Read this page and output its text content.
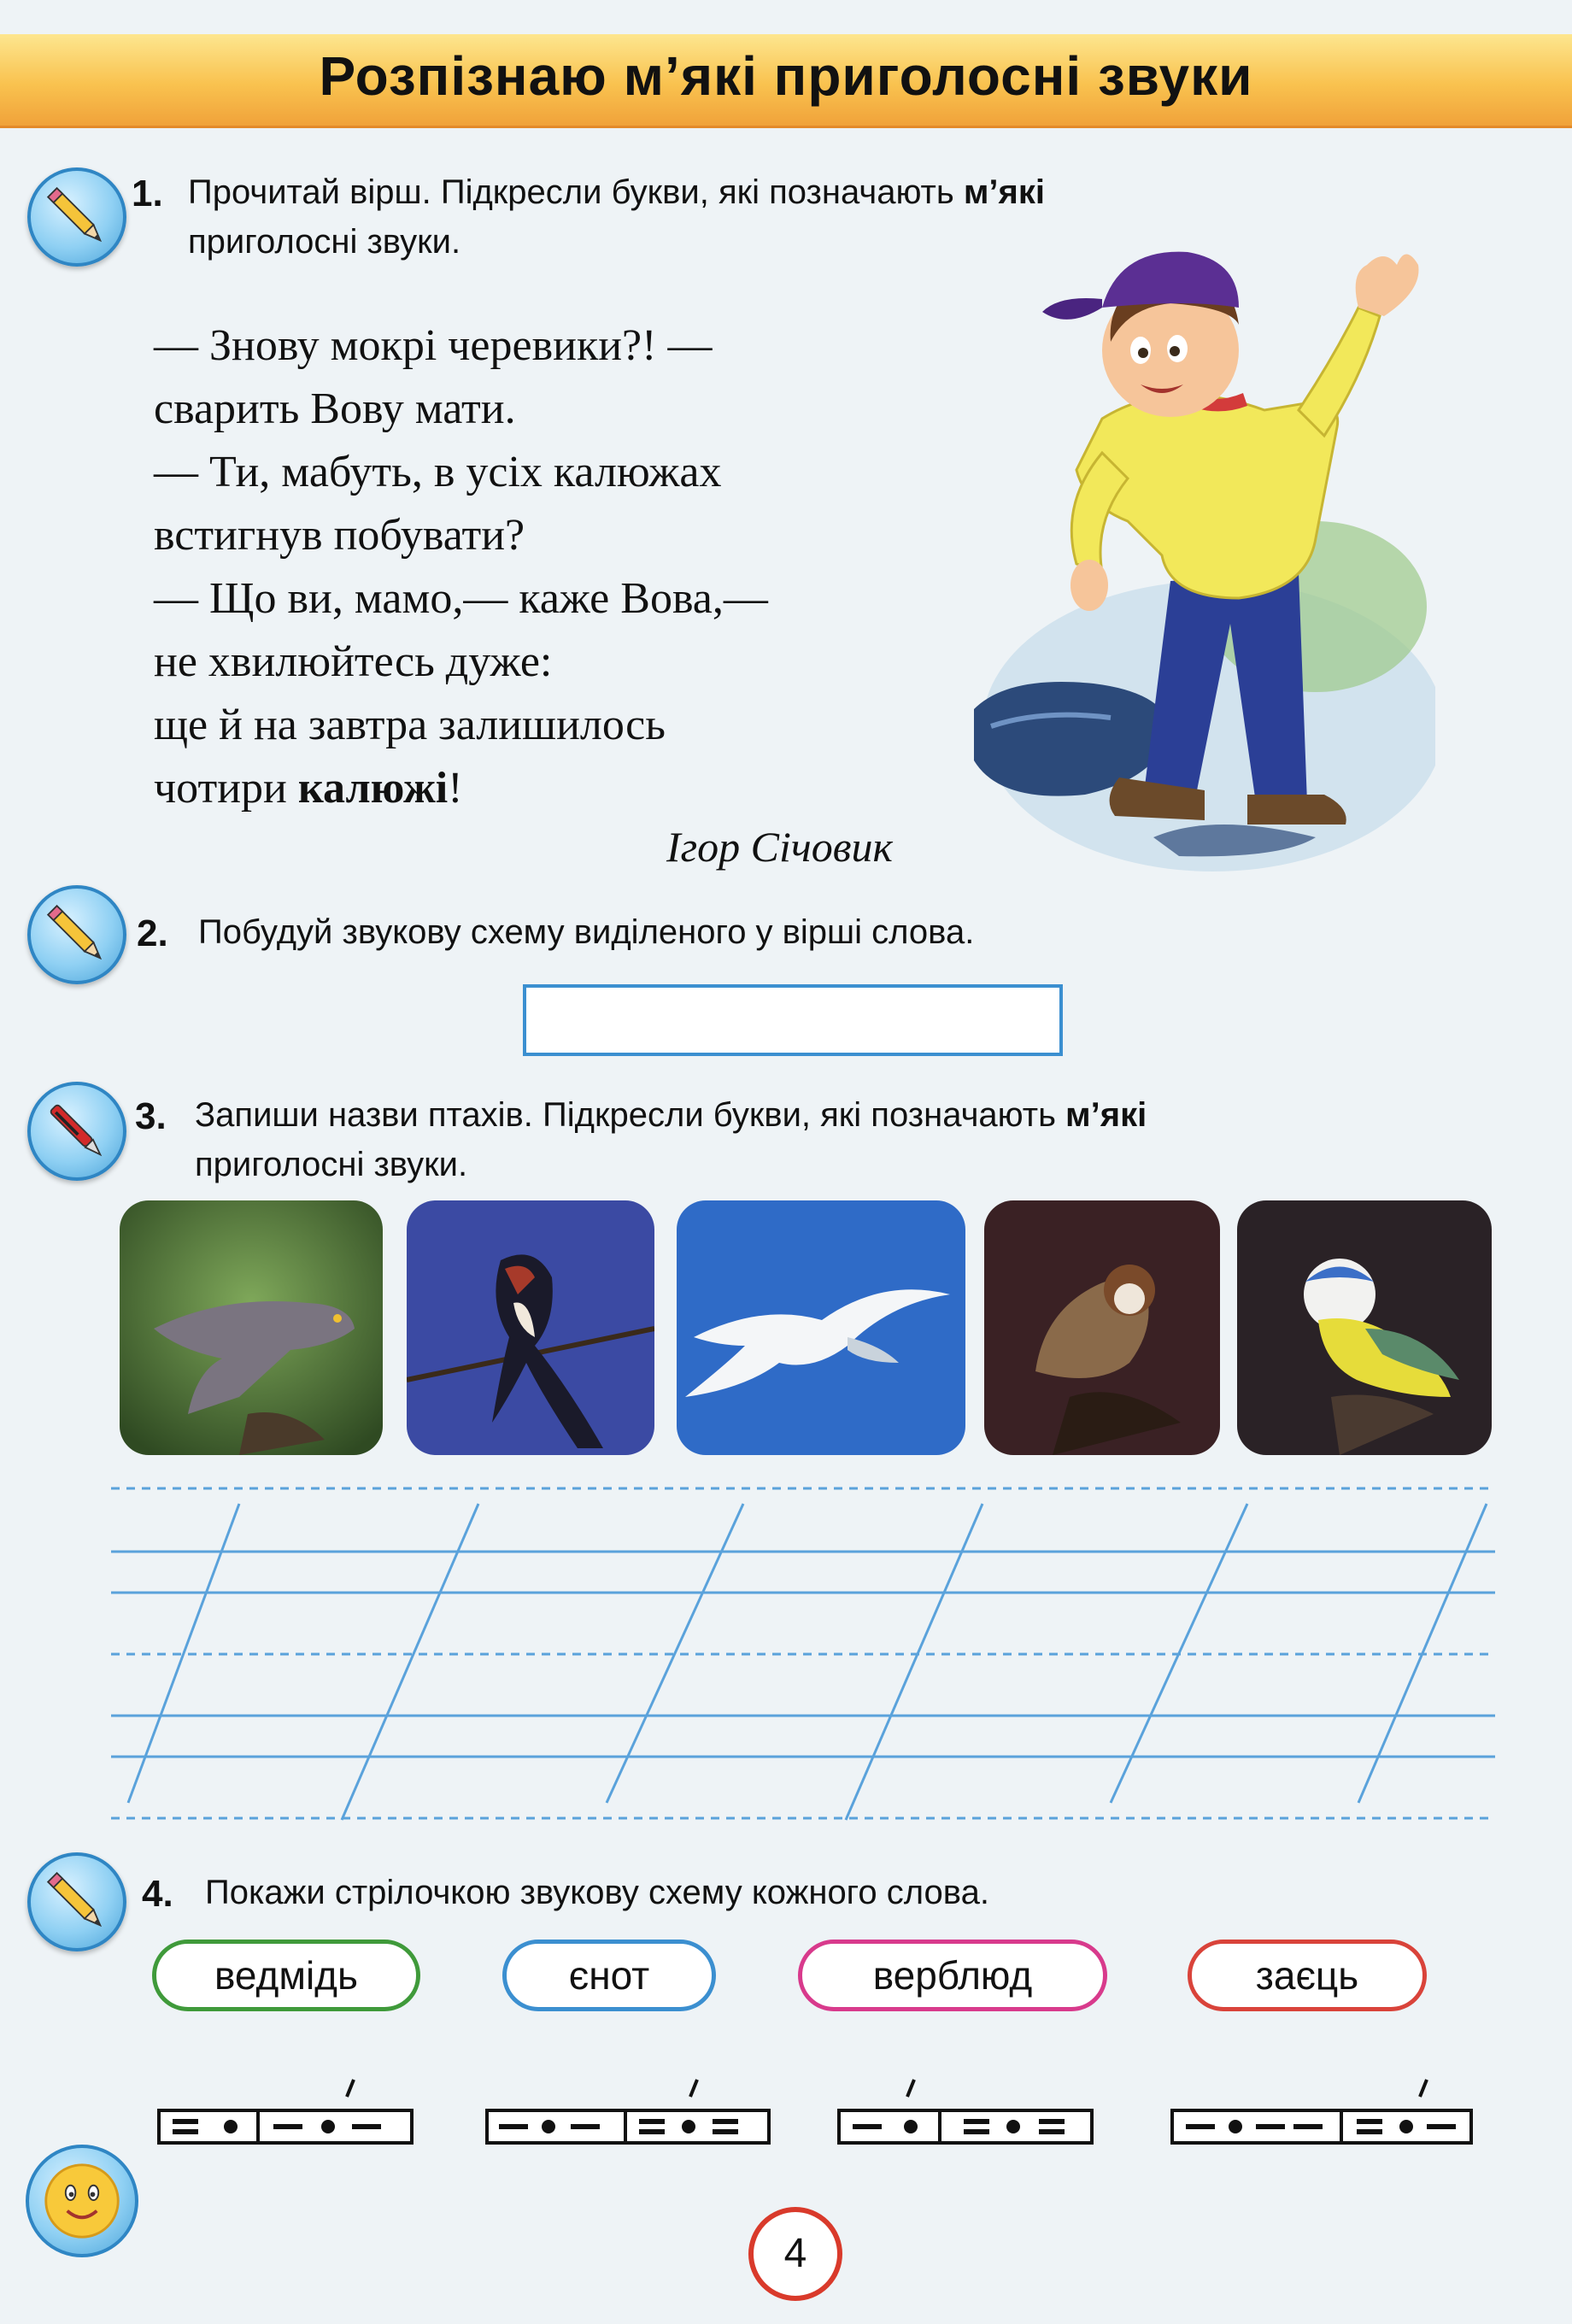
Розпізнаю м’які приголосні звуки
1. Прочитай вірш. Підкресли букви, які позначають м’які
приголосні звуки.
— Знову мокрі черевики?! —
сварить Вову мати.
— Ти, мабуть, в усіх калюжах
встигнув побувати?
— Що ви, мамо,— каже Вова,—
не хвилюйтесь дуже:
ще й на завтра залишилось
чотири калюжі!
Ігор Січовик
2. Побудуй звукову схему виділеного у вірші слова.
3. Запиши назви птахів. Підкресли букви, які позначають м’які
приголосні звуки.
4. Покажи стрілочкою звукову схему кожного слова.
ведмідь	єнот	верблюд	заєць
4
